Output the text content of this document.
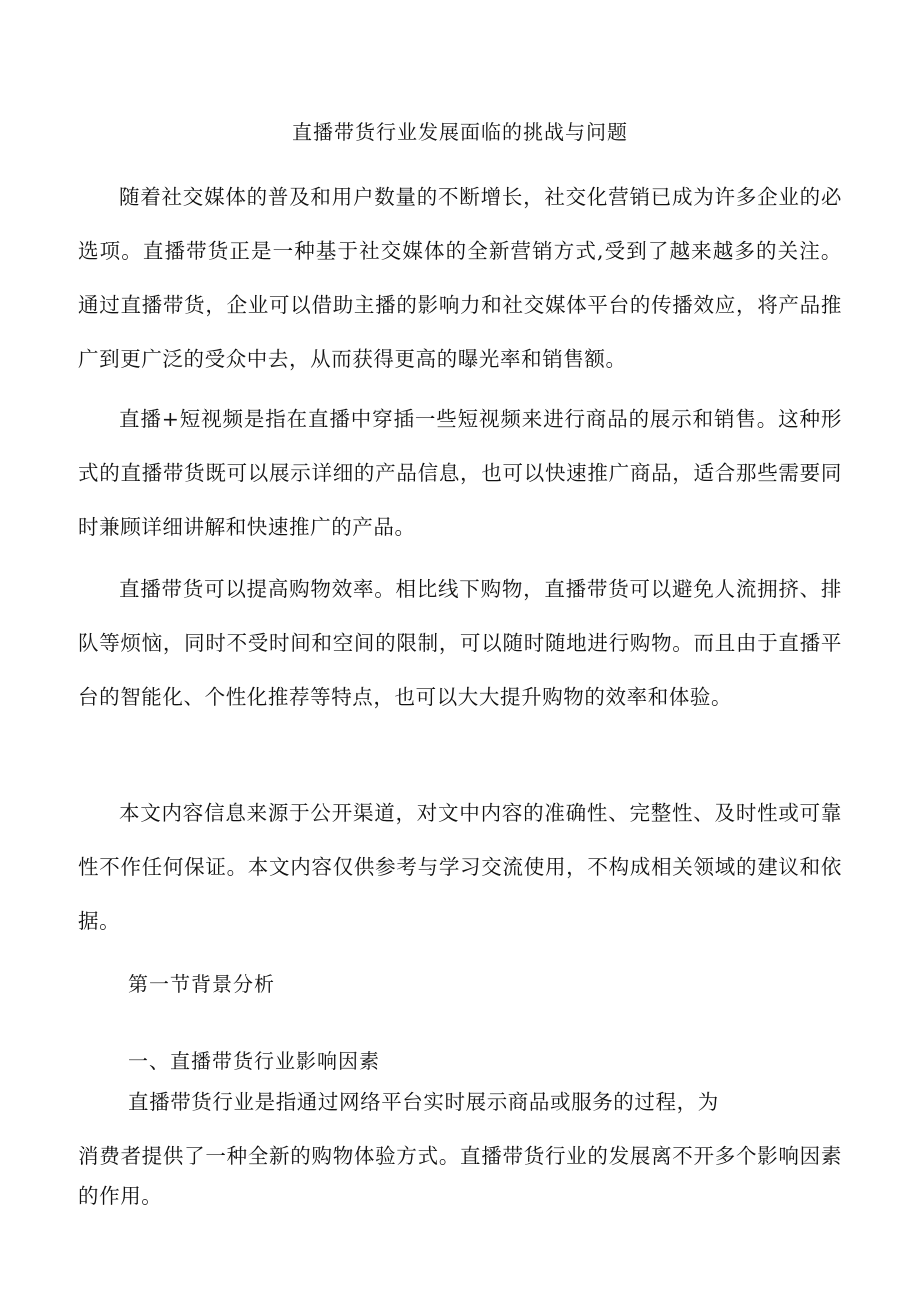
直播带货行业发展面临的挑战与问题

随着社交媒体的普及和用户数量的不断增长，社交化营销已成为许多企业的必选项。直播带货正是一种基于社交媒体的全新营销方式,受到了越来越多的关注。通过直播带货，企业可以借助主播的影响力和社交媒体平台的传播效应，将产品推广到更广泛的受众中去，从而获得更高的曝光率和销售额。

直播+短视频是指在直播中穿插一些短视频来进行商品的展示和销售。这种形式的直播带货既可以展示详细的产品信息，也可以快速推广商品，适合那些需要同时兼顾详细讲解和快速推广的产品。

直播带货可以提高购物效率。相比线下购物，直播带货可以避免人流拥挤、排队等烦恼，同时不受时间和空间的限制，可以随时随地进行购物。而且由于直播平台的智能化、个性化推荐等特点，也可以大大提升购物的效率和体验。

本文内容信息来源于公开渠道，对文中内容的准确性、完整性、及时性或可靠性不作任何保证。本文内容仅供参考与学习交流使用，不构成相关领域的建议和依据。

第一节背景分析
一、直播带货行业影响因素
直播带货行业是指通过网络平台实时展示商品或服务的过程，为

消费者提供了一种全新的购物体验方式。直播带货行业的发展离不开多个影响因素的作用。
